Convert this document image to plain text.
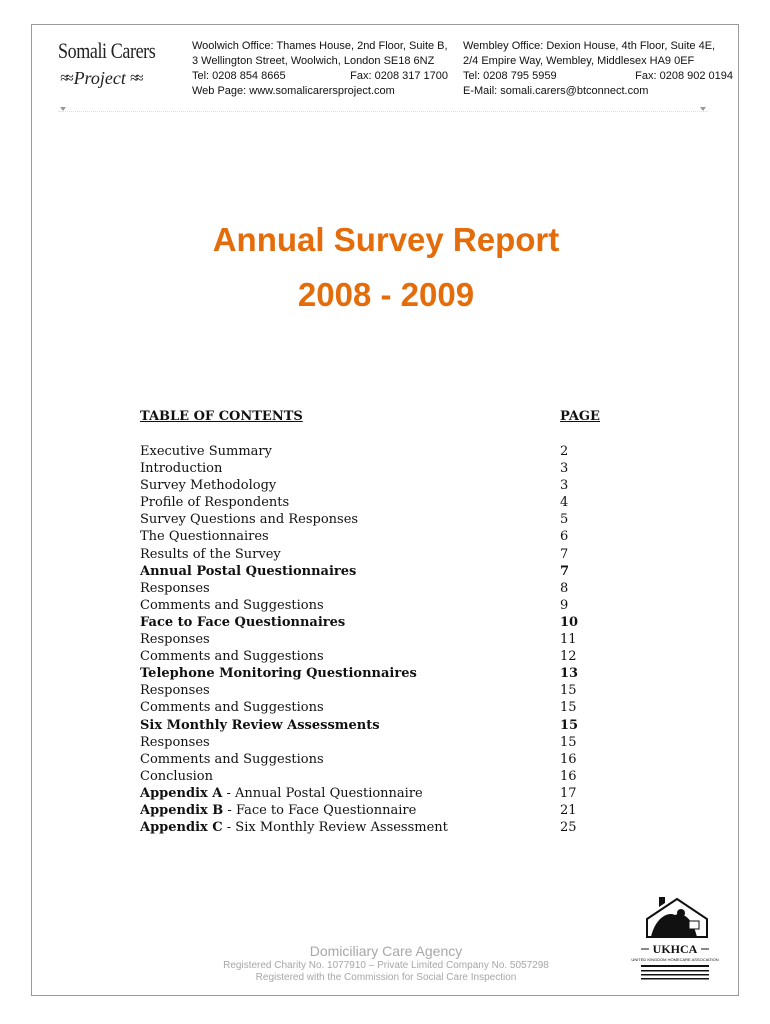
Somali Carers
≈≈ Project ≈≈
Woolwich Office: Thames House, 2nd Floor, Suite B,
3 Wellington Street, Woolwich, London SE18 6NZ
Tel: 0208 854 8665	Fax: 0208 317 1700
Web Page: www.somalicarersproject.com
Wembley Office: Dexion House, 4th Floor, Suite 4E,
2/4 Empire Way, Wembley, Middlesex HA9 0EF
Tel: 0208 795 5959	Fax: 0208 902 0194
E-Mail: somali.carers@btconnect.com
Annual Survey Report
2008 - 2009
TABLE OF CONTENTS	PAGE
Executive Summary	2
Introduction	3
Survey Methodology	3
Profile of Respondents	4
Survey Questions and Responses	5
The Questionnaires	6
Results of the Survey	7
Annual Postal Questionnaires	7
Responses	8
Comments and Suggestions	9
Face to Face Questionnaires	10
Responses	11
Comments and Suggestions	12
Telephone Monitoring Questionnaires	13
Responses	15
Comments and Suggestions	15
Six Monthly Review Assessments	15
Responses	15
Comments and Suggestions	16
Conclusion	16
Appendix A - Annual Postal Questionnaire	17
Appendix B - Face to Face Questionnaire	21
Appendix C - Six Monthly Review Assessment	25
Domiciliary Care Agency
Registered Charity No. 1077910 – Private Limited Company No. 5057298
Registered with the Commission for Social Care Inspection
UKHCA
UNITED KINGDOM HOMECARE ASSOCIATION
